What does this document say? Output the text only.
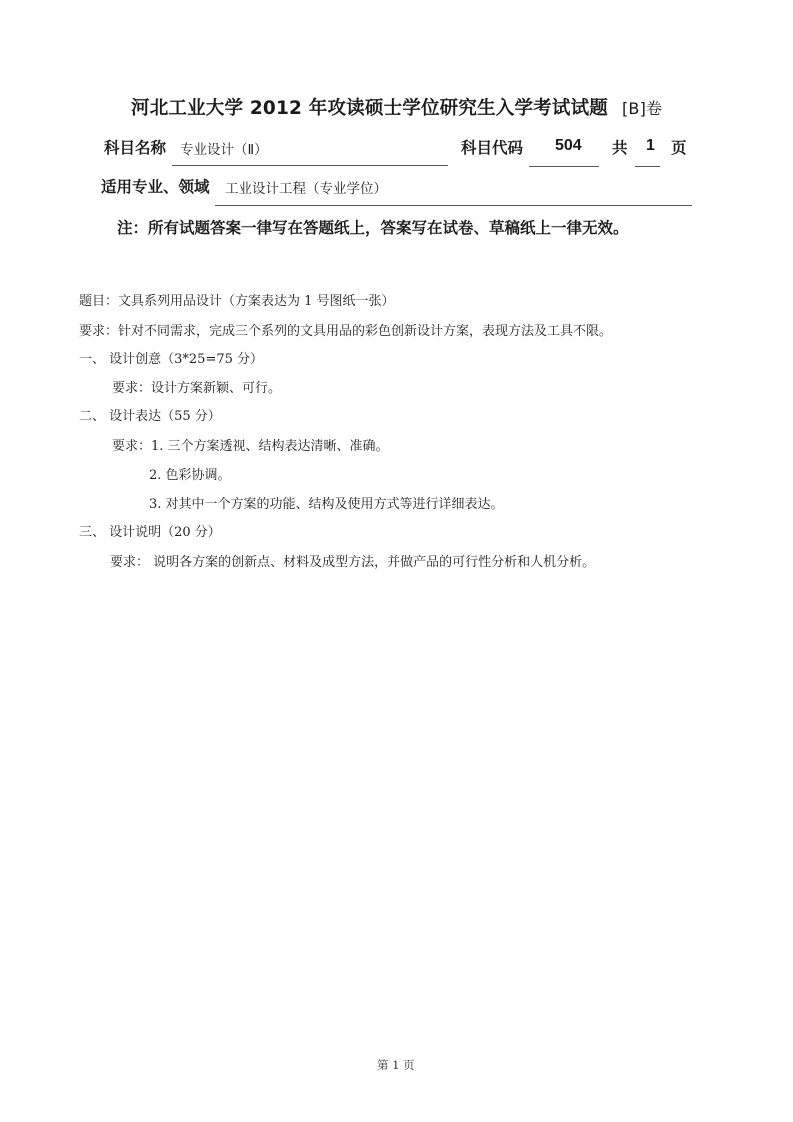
河北工业大学 2012 年攻读硕士学位研究生入学考试试题 [B]卷
科目名称 专业设计（Ⅱ）	科目代码 504 共 1 页
适用专业、领域 工业设计工程（专业学位）
注：所有试题答案一律写在答题纸上，答案写在试卷、草稿纸上一律无效。
题目：文具系列用品设计（方案表达为 1 号图纸一张）
要求：针对不同需求，完成三个系列的文具用品的彩色创新设计方案，表现方法及工具不限。
一、 设计创意（3*25=75 分）
要求：设计方案新颖、可行。
二、 设计表达（55 分）
要求：1. 三个方案透视、结构表达清晰、准确。
2. 色彩协调。
3. 对其中一个方案的功能、结构及使用方式等进行详细表达。
三、 设计说明（20 分）
要求： 说明各方案的创新点、材料及成型方法，并做产品的可行性分析和人机分析。
第 1 页
